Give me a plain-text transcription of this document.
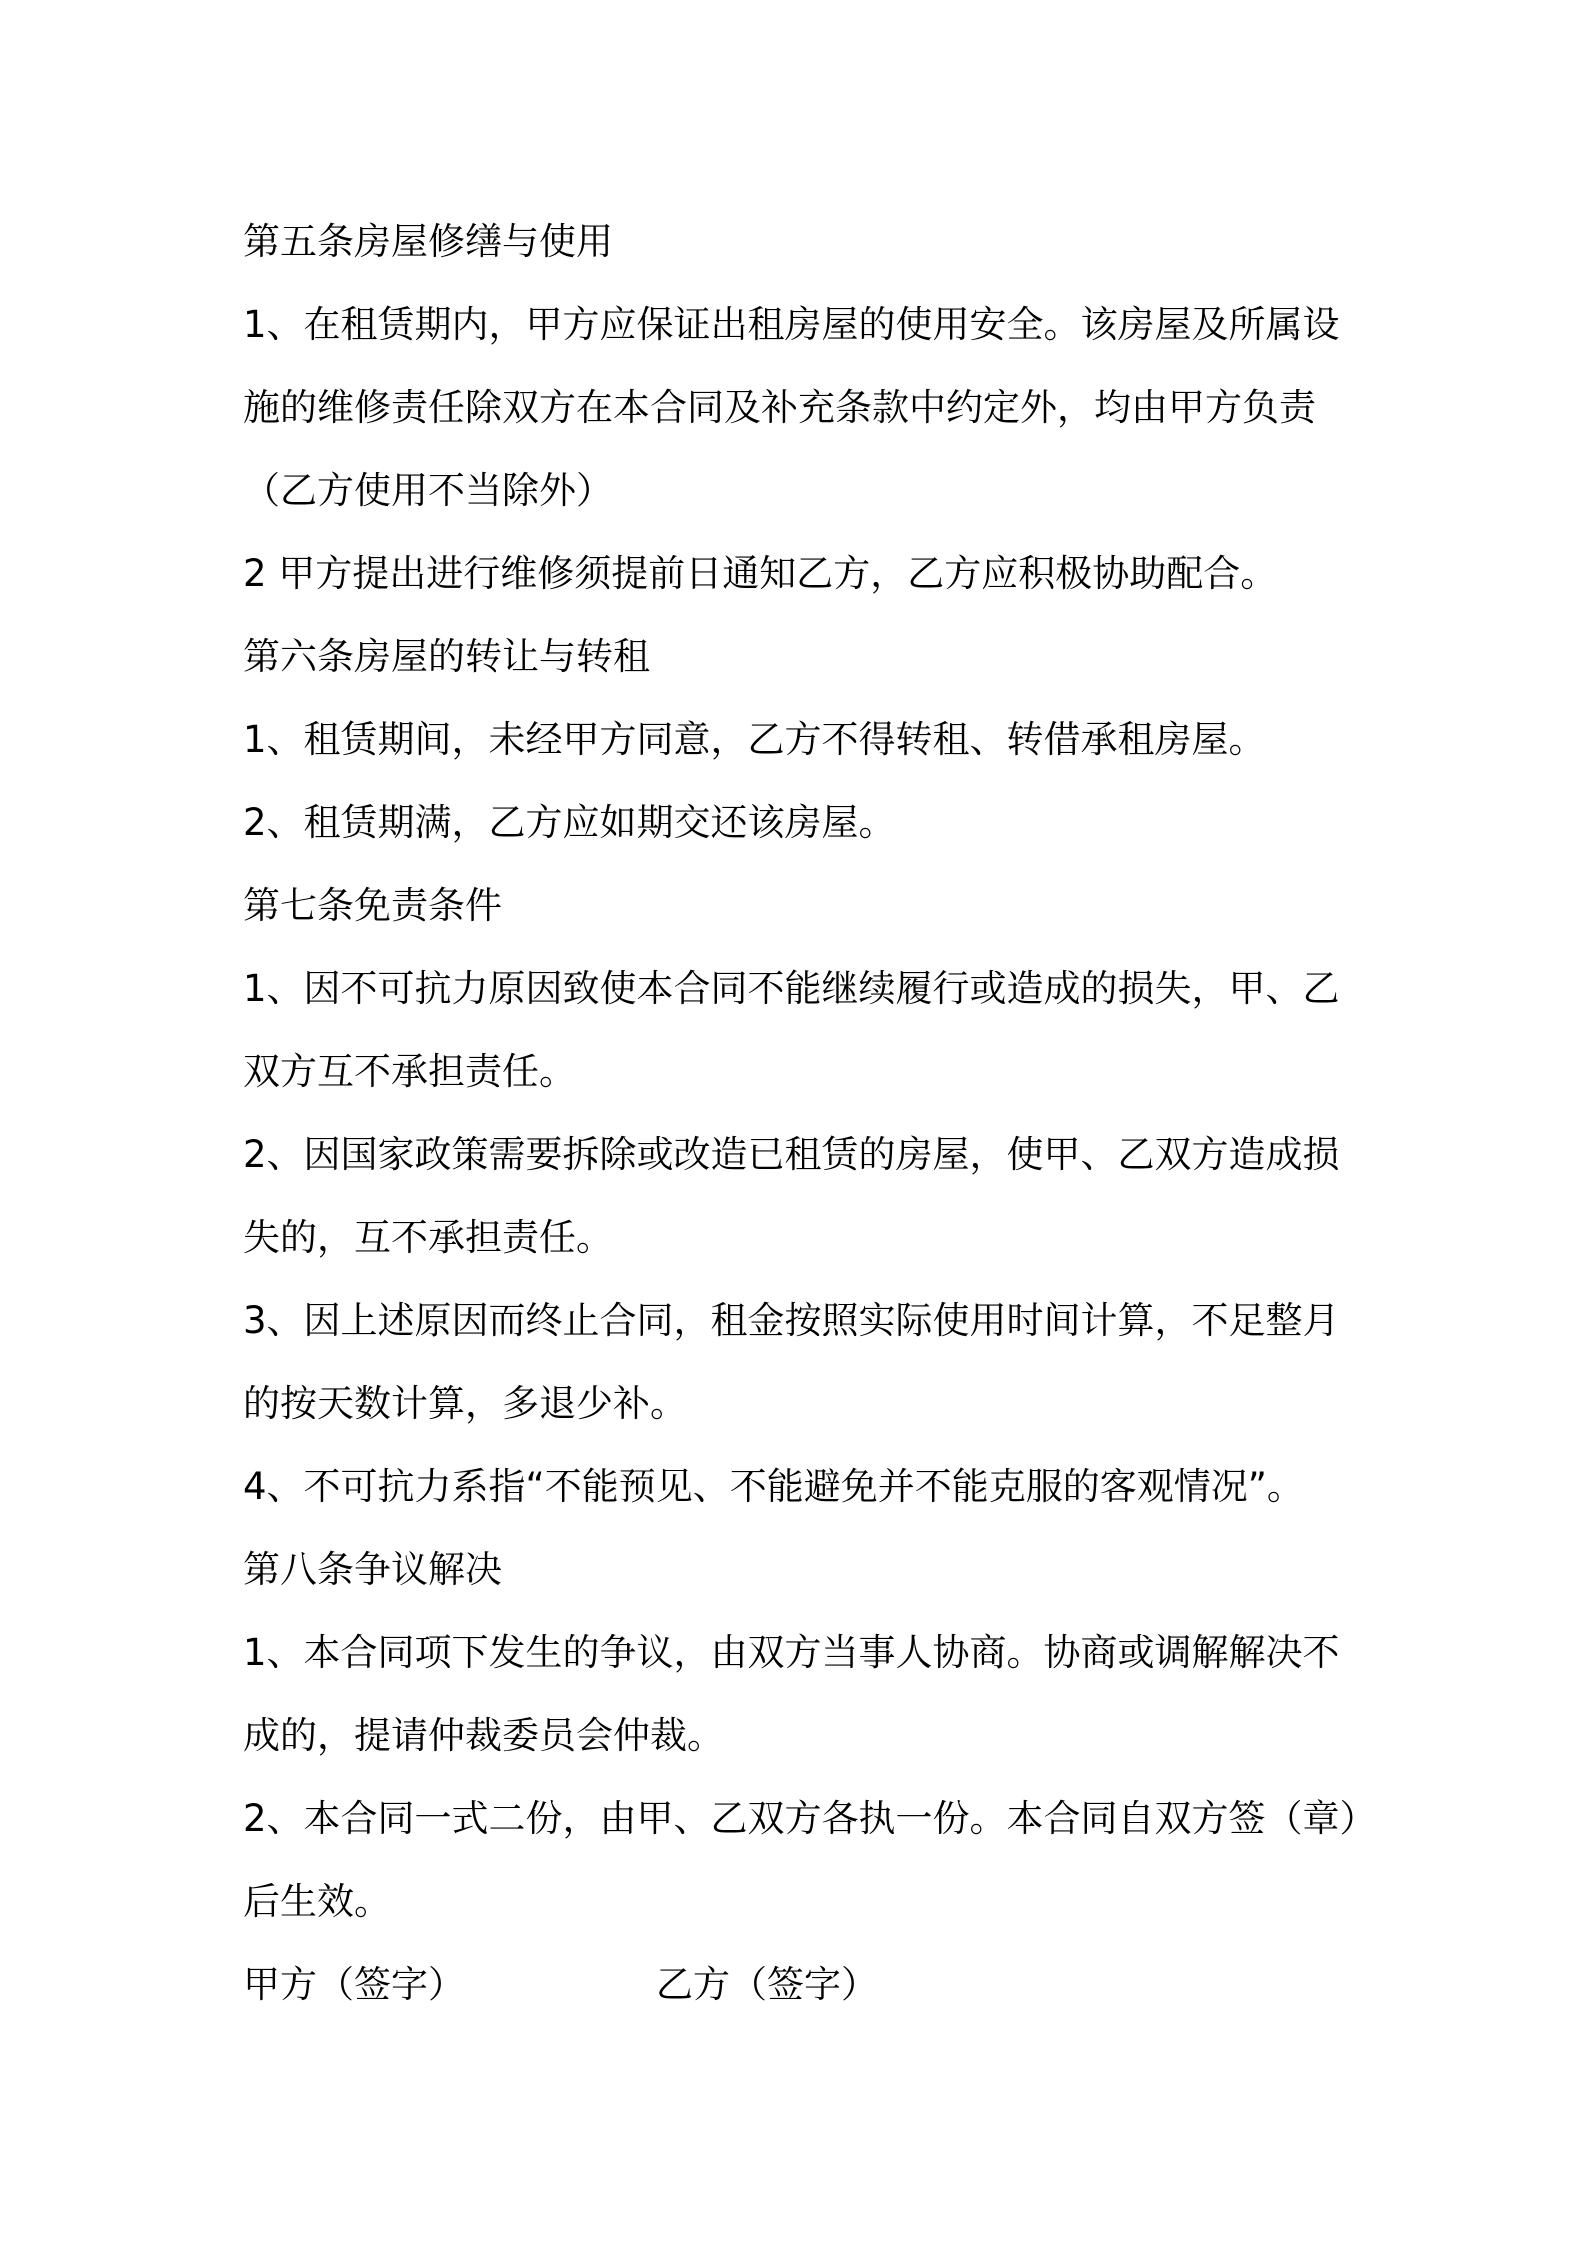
第五条房屋修缮与使用
1、在租赁期内，甲方应保证出租房屋的使用安全。该房屋及所属设
施的维修责任除双方在本合同及补充条款中约定外，均由甲方负责
（乙方使用不当除外）
2 甲方提出进行维修须提前日通知乙方，乙方应积极协助配合。
第六条房屋的转让与转租
1、租赁期间，未经甲方同意，乙方不得转租、转借承租房屋。
2、租赁期满，乙方应如期交还该房屋。
第七条免责条件
1、因不可抗力原因致使本合同不能继续履行或造成的损失，甲、乙
双方互不承担责任。
2、因国家政策需要拆除或改造已租赁的房屋，使甲、乙双方造成损
失的，互不承担责任。
3、因上述原因而终止合同，租金按照实际使用时间计算，不足整月
的按天数计算，多退少补。
4、不可抗力系指“不能预见、不能避免并不能克服的客观情况”。
第八条争议解决
1、本合同项下发生的争议，由双方当事人协商。协商或调解解决不
成的，提请仲裁委员会仲裁。
2、本合同一式二份，由甲、乙双方各执一份。本合同自双方签（章）
后生效。
甲方（签字）	乙方（签字）
